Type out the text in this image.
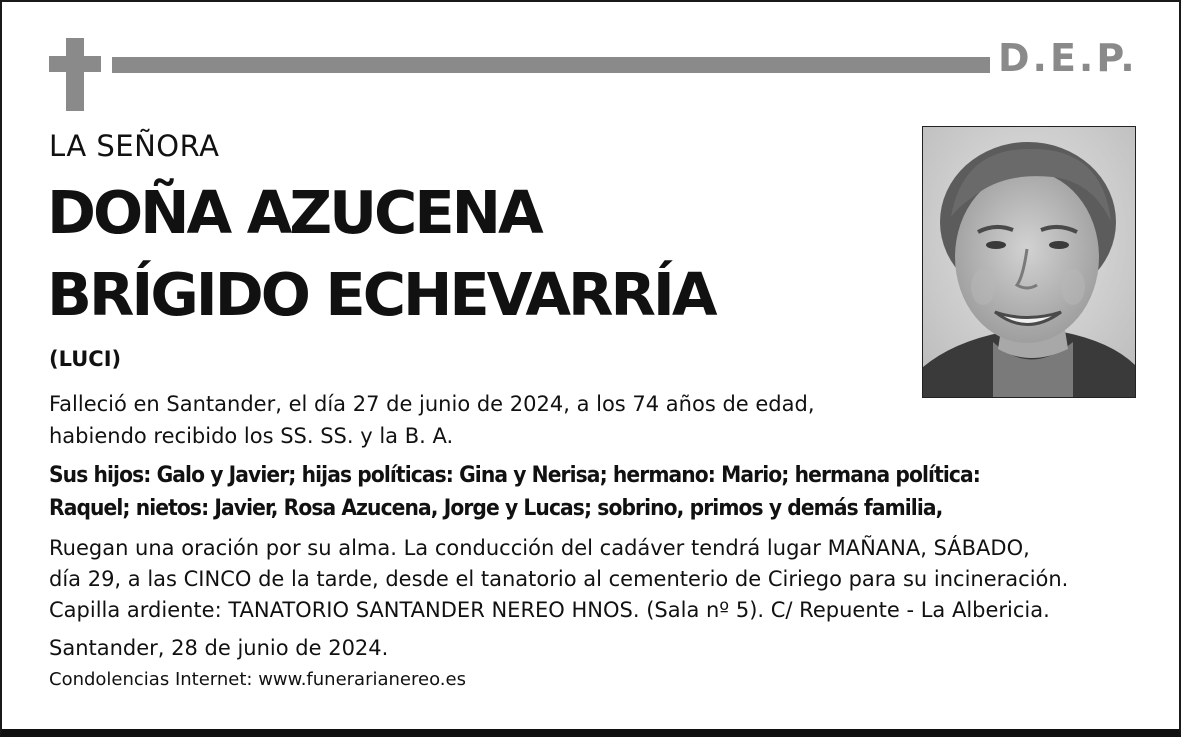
D.E.P.
LA SEÑORA
DOÑA AZUCENA
BRÍGIDO ECHEVARRÍA
(LUCI)
Falleció en Santander, el día 27 de junio de 2024, a los 74 años de edad,
habiendo recibido los SS. SS. y la B. A.
Sus hijos: Galo y Javier; hijas políticas: Gina y Nerisa; hermano: Mario; hermana política:
Raquel; nietos: Javier, Rosa Azucena, Jorge y Lucas; sobrino, primos y demás familia,
Ruegan una oración por su alma. La conducción del cadáver tendrá lugar MAÑANA, SÁBADO,
día 29, a las CINCO de la tarde, desde el tanatorio al cementerio de Ciriego para su incineración.
Capilla ardiente: TANATORIO SANTANDER NEREO HNOS. (Sala nº 5). C/ Repuente - La Albericia.
Santander, 28 de junio de 2024.
Condolencias Internet: www.funerarianereo.es
